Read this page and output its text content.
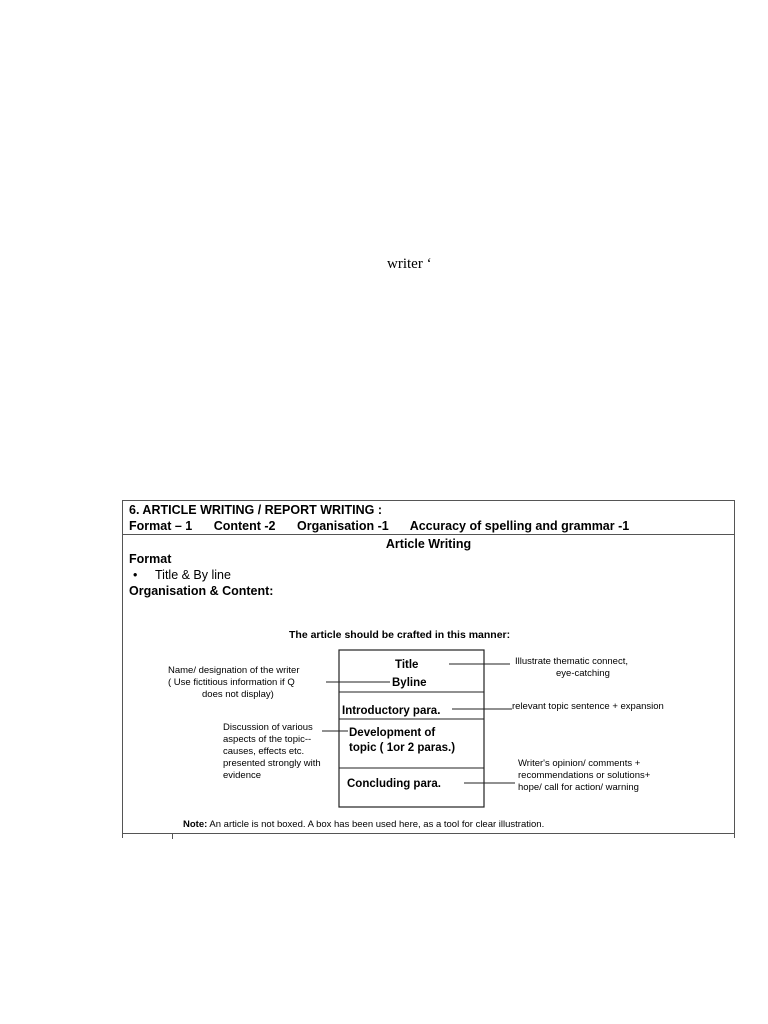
writer ‘
6. ARTICLE WRITING / REPORT WRITING :
Format – 1 Content -2 Organisation -1 Accuracy of spelling and grammar -1
Article Writing
Format
• Title & By line
Organisation & Content:
The article should be crafted in this manner:
Title
Byline
Introductory para.
Development of
topic ( 1or 2 paras.)
Concluding para.
Name/ designation of the writer
( Use fictitious information if Q
does not display)
Discussion of various
aspects of the topic--
causes, effects etc.
presented strongly with
evidence
Illustrate thematic connect,
eye-catching
relevant topic sentence + expansion
Writer's opinion/ comments +
recommendations or solutions+
hope/ call for action/ warning
Note: An article is not boxed. A box has been used here, as a tool for clear illustration.
